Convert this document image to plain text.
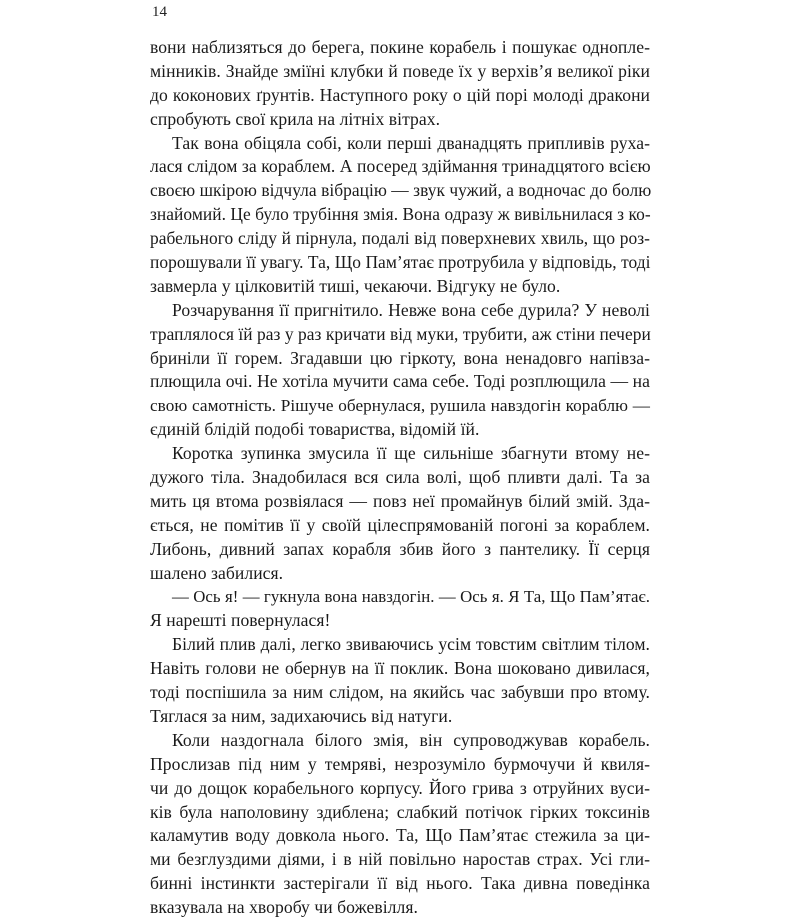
14
вони наблизяться до берега, покине корабель і пошукає однопле-
мінників. Знайде зміїні клубки й поведе їх у верхів’я великої ріки
до коконових ґрунтів. Наступного року о цій порі молоді дракони
спробують свої крила на літніх вітрах.
Так вона обіцяла собі, коли перші дванадцять припливів руха-
лася слідом за кораблем. А посеред здіймання тринадцятого всією
своєю шкірою відчула вібрацію — звук чужий, а водночас до болю
знайомий. Це було трубіння змія. Вона одразу ж вивільнилася з ко-
рабельного сліду й пірнула, подалі від поверхневих хвиль, що роз-
порошували її увагу. Та, Що Пам’ятає протрубила у відповідь, тоді
завмерла у цілковитій тиші, чекаючи. Відгуку не було.
Розчарування її пригнітило. Невже вона себе дурила? У неволі
траплялося їй раз у раз кричати від муки, трубити, аж стіни печери
бриніли її горем. Згадавши цю гіркоту, вона ненадовго напівза-
плющила очі. Не хотіла мучити сама себе. Тоді розплющила — на
свою самотність. Рішуче обернулася, рушила навздогін кораблю —
єдиній блідій подобі товариства, відомій їй.
Коротка зупинка змусила її ще сильніше збагнути втому не-
дужого тіла. Знадобилася вся сила волі, щоб пливти далі. Та за
мить ця втома розвіялася — повз неї промайнув білий змій. Зда-
ється, не помітив її у своїй цілеспрямованій погоні за кораблем.
Либонь, дивний запах корабля збив його з пантелику. Її серця
шалено забилися.
— Ось я! — гукнула вона навздогін. — Ось я. Я Та, Що Пам’ятає.
Я нарешті повернулася!
Білий плив далі, легко звиваючись усім товстим світлим тілом.
Навіть голови не обернув на її поклик. Вона шоковано дивилася,
тоді поспішила за ним слідом, на якийсь час забувши про втому.
Тяглася за ним, задихаючись від натуги.
Коли наздогнала білого змія, він супроводжував корабель.
Прослизав під ним у темряві, незрозуміло бурмочучи й квиля-
чи до дощок корабельного корпусу. Його грива з отруйних вуси-
ків була наполовину здиблена; слабкий потічок гірких токсинів
каламутив воду довкола нього. Та, Що Пам’ятає стежила за ци-
ми безглуздими діями, і в ній повільно наростав страх. Усі гли-
бинні інстинкти застерігали її від нього. Така дивна поведінка
вказувала на хворобу чи божевілля.
